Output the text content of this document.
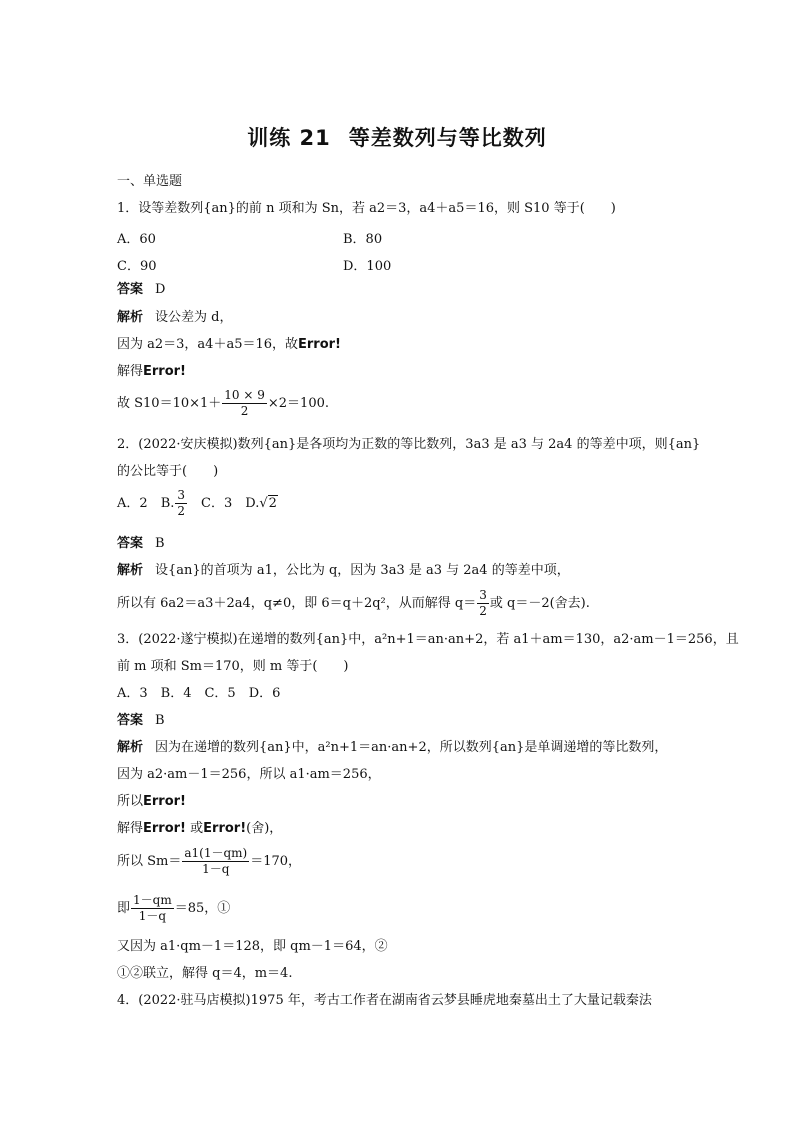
训练 21 等差数列与等比数列
一、单选题
1．设等差数列{an}的前 n 项和为 Sn，若 a2＝3，a4＋a5＝16，则 S10 等于(　　)
A．60	B．80
C．90	D．100
答案 D
解析 设公差为 d，
因为 a2＝3，a4＋a5＝16，故Error!
解得Error!
故 $S10=10\times 1+ \frac{10 \times 9}{2} \times 2=100$.
2．(2022·安庆模拟)数列{an}是各项均为正数的等比数列，3a3 是 a3 与 2a4 的等差中项，则{an}
的公比等于(　　)
A．2　 B. $\frac{3}{2}$
　 C．3　 D.√2
答案 B
解析 设{an}的首项为 a1，公比为 q，因为 3a3 是 a3 与 2a4 的等差中项，
所以有 6a2＝a3＋2a4，q≠0，即 6＝q＋2q²，从而解得 $q= \frac{3}{2}$ 或 q＝－2(舍去).
3．(2022·遂宁模拟)在递增的数列{an}中，a²n+1＝an·an+2，若 a1＋am＝130，a2·am－1＝256，且
前 m 项和 Sm＝170，则 m 等于(　　)
A．3　B．4　C．5　D．6
答案 B
解析 因为在递增的数列{an}中，a²n+1＝an·an+2，所以数列{an}是单调递增的等比数列，
因为 a2·am－1＝256，所以 a1·am＝256，
所以Error!
解得Error! 或Error!(舍)，
所以 $Sm= \frac{a1(1-qm)}{1-q} =170$，
即 $\frac{1-qm}{1-q} =85$，①
又因为 a1·qm－1＝128，即 qm－1＝64，②
①②联立，解得 q＝4，m＝4.
4．(2022·驻马店模拟)1975 年，考古工作者在湖南省云梦县睡虎地秦墓出土了大量记载秦法
